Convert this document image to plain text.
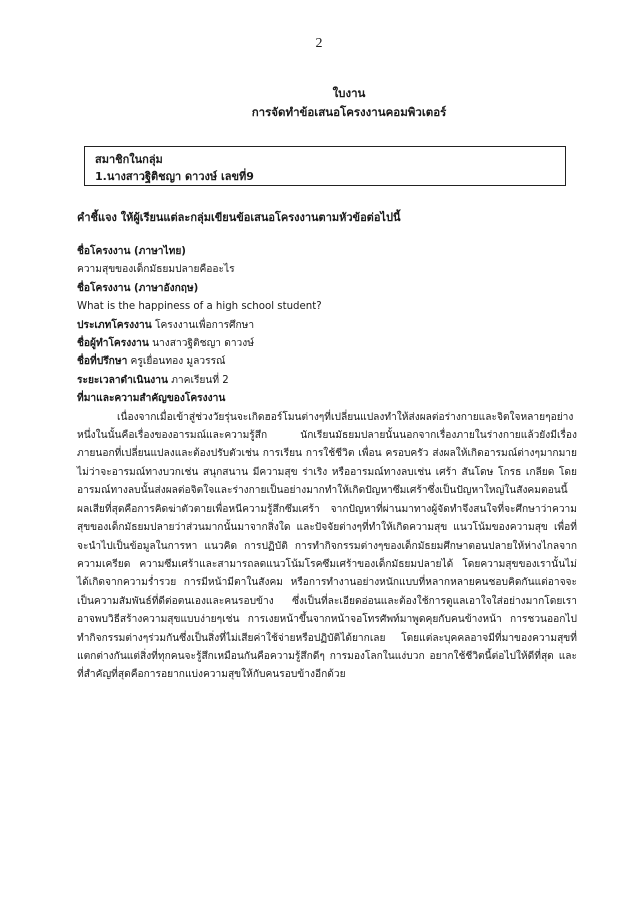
2
ใบงาน
การจัดทำข้อเสนอโครงงานคอมพิวเตอร์
สมาชิกในกลุ่ม
1.นางสาวฐิติชญา ดาวงษ์ เลขที่9
คำชี้แจง ให้ผู้เรียนแต่ละกลุ่มเขียนข้อเสนอโครงงานตามหัวข้อต่อไปนี้
ชื่อโครงงาน (ภาษาไทย)
ความสุขของเด็กมัธยมปลายคืออะไร
ชื่อโครงงาน (ภาษาอังกฤษ)
What is the happiness of a high school student?
ประเภทโครงงาน โครงงานเพื่อการศึกษา
ชื่อผู้ทำโครงงาน นางสาวฐิติชญา ดาวงษ์
ชื่อที่ปรึกษา ครูเยื่อนทอง มูลวรรณ์
ระยะเวลาดำเนินงาน ภาคเรียนที่ 2
ที่มาและความสำคัญของโครงงาน

เนื่องจากเมื่อเข้าสู่ช่วงวัยรุ่นจะเกิดฮอร์โมนต่างๆที่เปลี่ยนแปลงทำให้ส่งผลต่อร่างกายและจิตใจหลายๆอย่าง หนึ่งในนั้นคือเรื่องของอารมณ์และความรู้สึก นักเรียนมัธยมปลายนั้นนอกจากเรื่องภายในร่างกายแล้วยังมีเรื่องภายนอกที่เปลี่ยนแปลงและต้องปรับตัวเช่น การเรียน การใช้ชีวิต เพื่อน ครอบครัว ส่งผลให้เกิดอารมณ์ต่างๆมากมายไม่ว่าจะอารมณ์ทางบวกเช่น สนุกสนาน มีความสุข ร่าเริง หรืออารมณ์ทางลบเช่น เศร้า สันโดษ โกรธ เกลียด โดยอารมณ์ทางลบนั้นส่งผลต่อจิตใจและร่างกายเป็นอย่างมากทำให้เกิดปัญหาซึมเศร้าซึ่งเป็นปัญหาใหญ่ในสังคมตอนนี้ ผลเสียที่สุดคือการคิดฆ่าตัวตายเพื่อหนีความรู้สึกซึมเศร้า จากปัญหาที่ผ่านมาทางผู้จัดทำจึงสนใจที่จะศึกษาว่าความสุขของเด็กมัธยมปลายว่าส่วนมากนั้นมาจากสิ่งใด และปัจจัยต่างๆที่ทำให้เกิดความสุข แนวโน้มของความสุข เพื่อที่จะนำไปเป็นข้อมูลในการหา แนวคิด การปฏิบัติ การทำกิจกรรมต่างๆของเด็กมัธยมศึกษาตอนปลายให้ห่างไกลจากความเครียด ความซึมเศร้าและสามารถลดแนวโน้มโรคซึมเศร้าของเด็กมัธยมปลายได้ โดยความสุขของเรานั้นไม่ได้เกิดจากความร่ำรวย การมีหน้ามีตาในสังคม หรือการทำงานอย่างหนักแบบที่หลากหลายคนชอบคิดกันแต่อาจจะเป็นความสัมพันธ์ที่ดีต่อตนเองและคนรอบข้าง ซึ่งเป็นที่ละเอียดอ่อนและต้องใช้การดูแลเอาใจใส่อย่างมากโดยเราอาจพบวิธีสร้างความสุขแบบง่ายๆเช่น การเงยหน้าขึ้นจากหน้าจอโทรศัพท์มาพูดคุยกับคนข้างหน้า การชวนออกไปทำกิจกรรมต่างๆร่วมกันซึ่งเป็นสิ่งที่ไม่เสียค่าใช้จ่ายหรือปฏิบัติได้ยากเลย โดยแต่ละบุคคลอาจมีที่มาของความสุขที่แตกต่างกันแต่สิ่งที่ทุกคนจะรู้สึกเหมือนกันคือความรู้สึกดีๆ การมองโลกในแง่บวก อยากใช้ชีวิตนี้ต่อไปให้ดีที่สุด และที่สำคัญที่สุดคือการอยากแบ่งความสุขให้กับคนรอบข้างอีกด้วย
